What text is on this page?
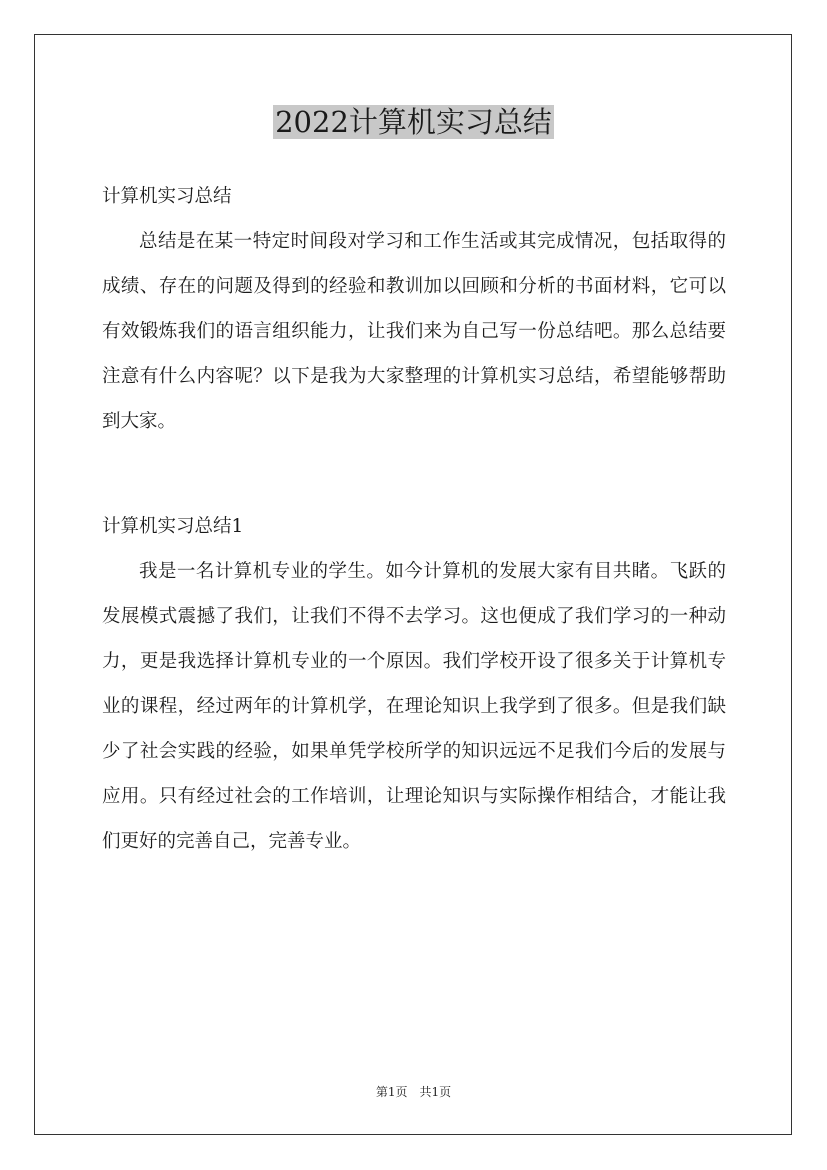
2022计算机实习总结

计算机实习总结

总结是在某一特定时间段对学习和工作生活或其完成情况，包括取得的成绩、存在的问题及得到的经验和教训加以回顾和分析的书面材料，它可以有效锻炼我们的语言组织能力，让我们来为自己写一份总结吧。那么总结要注意有什么内容呢？以下是我为大家整理的计算机实习总结，希望能够帮助到大家。

计算机实习总结1

我是一名计算机专业的学生。如今计算机的发展大家有目共睹。飞跃的发展模式震撼了我们，让我们不得不去学习。这也便成了我们学习的一种动力，更是我选择计算机专业的一个原因。我们学校开设了很多关于计算机专业的课程，经过两年的计算机学，在理论知识上我学到了很多。但是我们缺少了社会实践的经验，如果单凭学校所学的知识远远不足我们今后的发展与应用。只有经过社会的工作培训，让理论知识与实际操作相结合，才能让我们更好的完善自己，完善专业。

第1页　共1页
